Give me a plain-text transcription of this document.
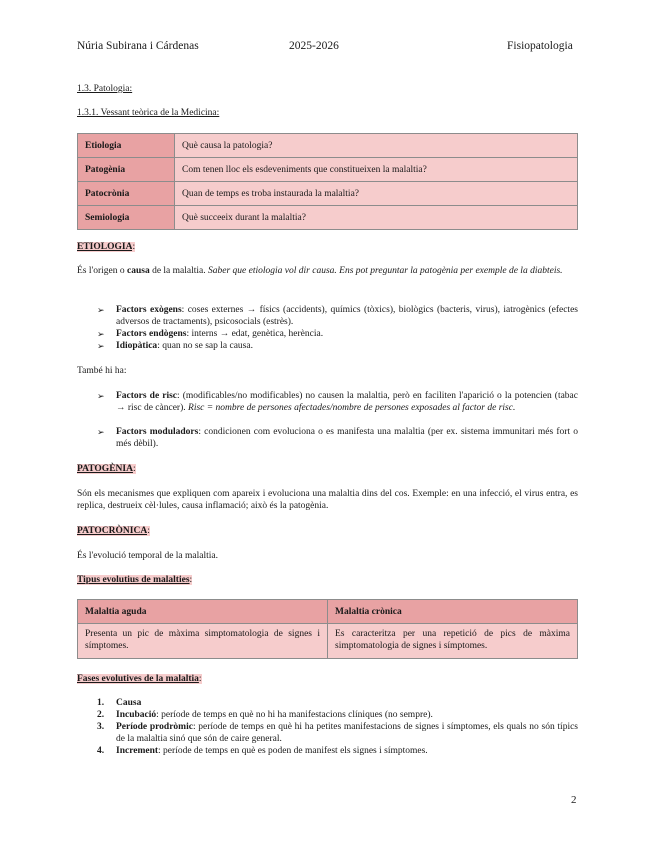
Núria Subirana i Cárdenas	2025-2026	Fisiopatologia
1.3. Patologia:
1.3.1. Vessant teòrica de la Medicina:
Etiologia	Què causa la patologia?
Patogènia	Com tenen lloc els esdeveniments que constitueixen la malaltia?
Patocrònia	Quan de temps es troba instaurada la malaltia?
Semiologia	Què succeeix durant la malaltia?
ETIOLOGIA:
És l'origen o causa de la malaltia. Saber que etiologia vol dir causa. Ens pot preguntar la patogènia per exemple de la diabteis.
➢ Factors exògens: coses externes → físics (accidents), químics (tòxics), biològics (bacteris, virus), iatrogènics (efectes adversos de tractaments), psicosocials (estrès).
➢ Factors endògens: interns → edat, genètica, herència.
➢ Idiopàtica: quan no se sap la causa.
També hi ha:
➢ Factors de risc: (modificables/no modificables) no causen la malaltia, però en faciliten l'aparició o la potencien (tabac → risc de càncer). Risc = nombre de persones afectades/nombre de persones exposades al factor de risc.
➢ Factors moduladors: condicionen com evoluciona o es manifesta una malaltia (per ex. sistema immunitari més fort o més dèbil).
PATOGÈNIA:
Són els mecanismes que expliquen com apareix i evoluciona una malaltia dins del cos. Exemple: en una infecció, el virus entra, es replica, destrueix cèl·lules, causa inflamació; això és la patogènia.
PATOCRÒNICA:
És l'evolució temporal de la malaltia.
Tipus evolutius de malalties:
Malaltia aguda	Malaltia crònica
Presenta un pic de màxima simptomatologia de signes i símptomes.	Es caracteritza per una repetició de pics de màxima simptomatologia de signes i símptomes.
Fases evolutives de la malaltia:
1. Causa
2. Incubació: període de temps en què no hi ha manifestacions clíniques (no sempre).
3. Període prodròmic: període de temps en què hi ha petites manifestacions de signes i símptomes, els quals no són típics de la malaltia sinó que són de caire general.
4. Increment: període de temps en què es poden de manifest els signes i símptomes.
2
